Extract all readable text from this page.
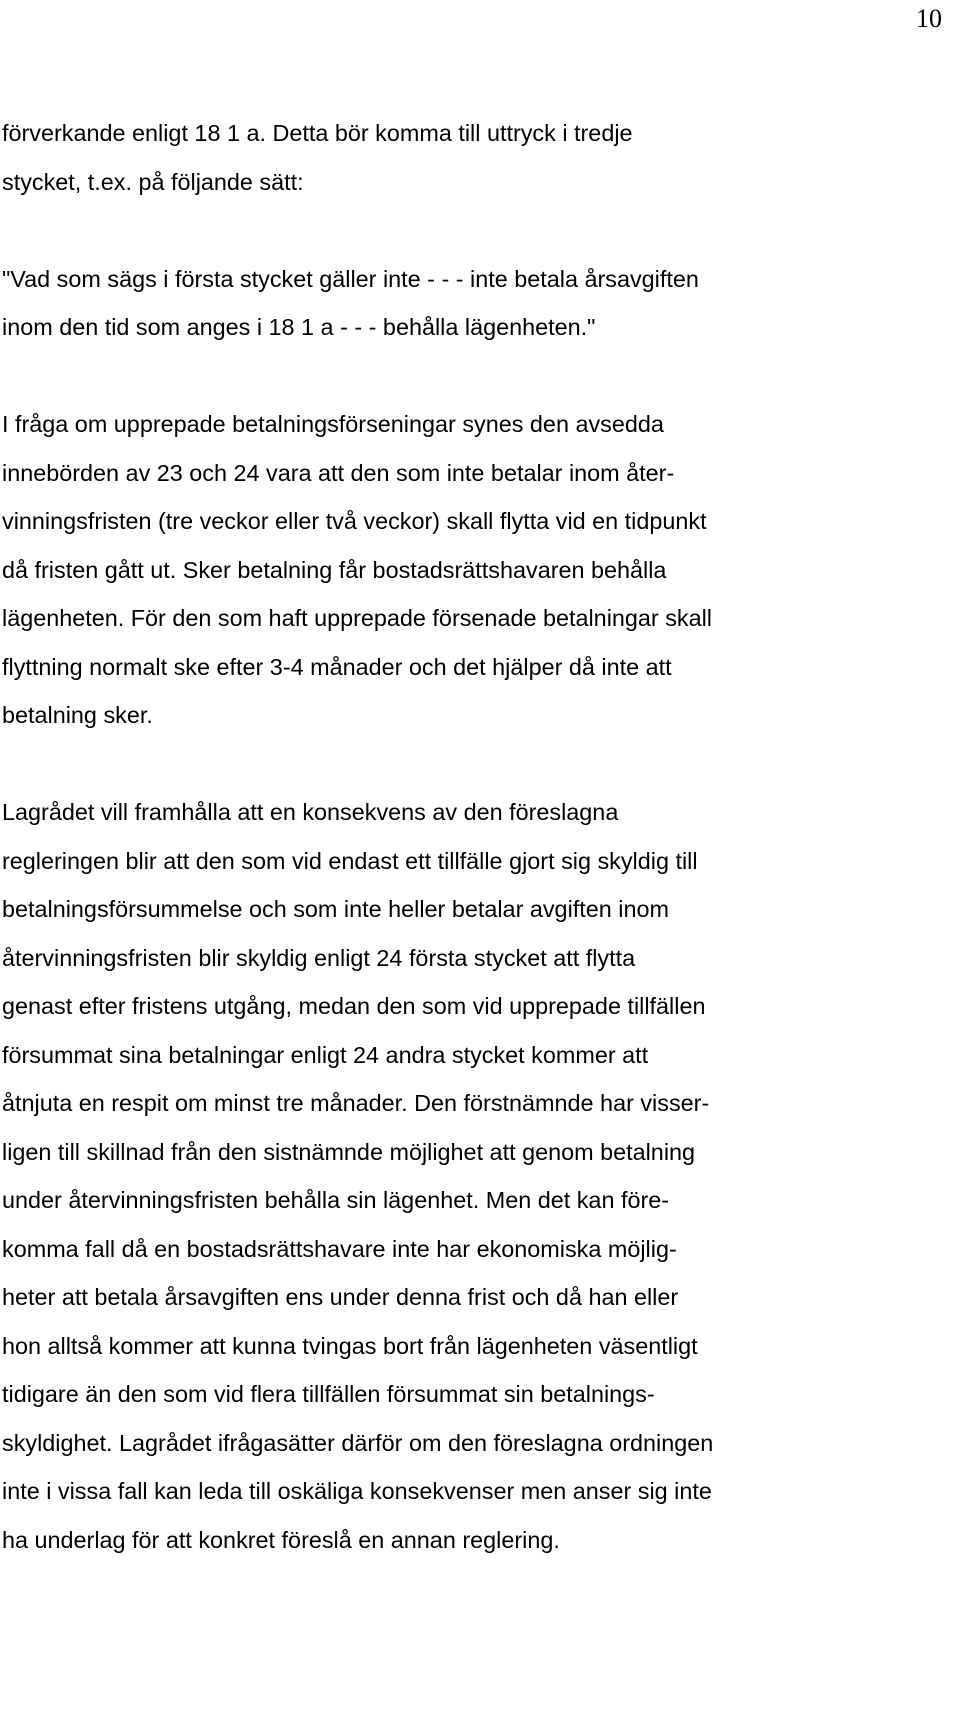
10
förverkande enligt 18 1 a. Detta bör komma till uttryck i tredje
stycket, t.ex. på följande sätt:
"Vad som sägs i första stycket gäller inte - - - inte betala årsavgiften
inom den tid som anges i 18 1 a - - - behålla lägenheten."
I fråga om upprepade betalningsförseningar synes den avsedda
innebörden av 23 och 24 vara att den som inte betalar inom åter-
vinningsfristen (tre veckor eller två veckor) skall flytta vid en tidpunkt
då fristen gått ut. Sker betalning får bostadsrättshavaren behålla
lägenheten. För den som haft upprepade försenade betalningar skall
flyttning normalt ske efter 3-4 månader och det hjälper då inte att
betalning sker.
Lagrådet vill framhålla att en konsekvens av den föreslagna
regleringen blir att den som vid endast ett tillfälle gjort sig skyldig till
betalningsförsummelse och som inte heller betalar avgiften inom
återvinningsfristen blir skyldig enligt 24 första stycket att flytta
genast efter fristens utgång, medan den som vid upprepade tillfällen
försummat sina betalningar enligt 24 andra stycket kommer att
åtnjuta en respit om minst tre månader. Den förstnämnde har visser-
ligen till skillnad från den sistnämnde möjlighet att genom betalning
under återvinningsfristen behålla sin lägenhet. Men det kan före-
komma fall då en bostadsrättshavare inte har ekonomiska möjlig-
heter att betala årsavgiften ens under denna frist och då han eller
hon alltså kommer att kunna tvingas bort från lägenheten väsentligt
tidigare än den som vid flera tillfällen försummat sin betalnings-
skyldighet. Lagrådet ifrågasätter därför om den föreslagna ordningen
inte i vissa fall kan leda till oskäliga konsekvenser men anser sig inte
ha underlag för att konkret föreslå en annan reglering.
